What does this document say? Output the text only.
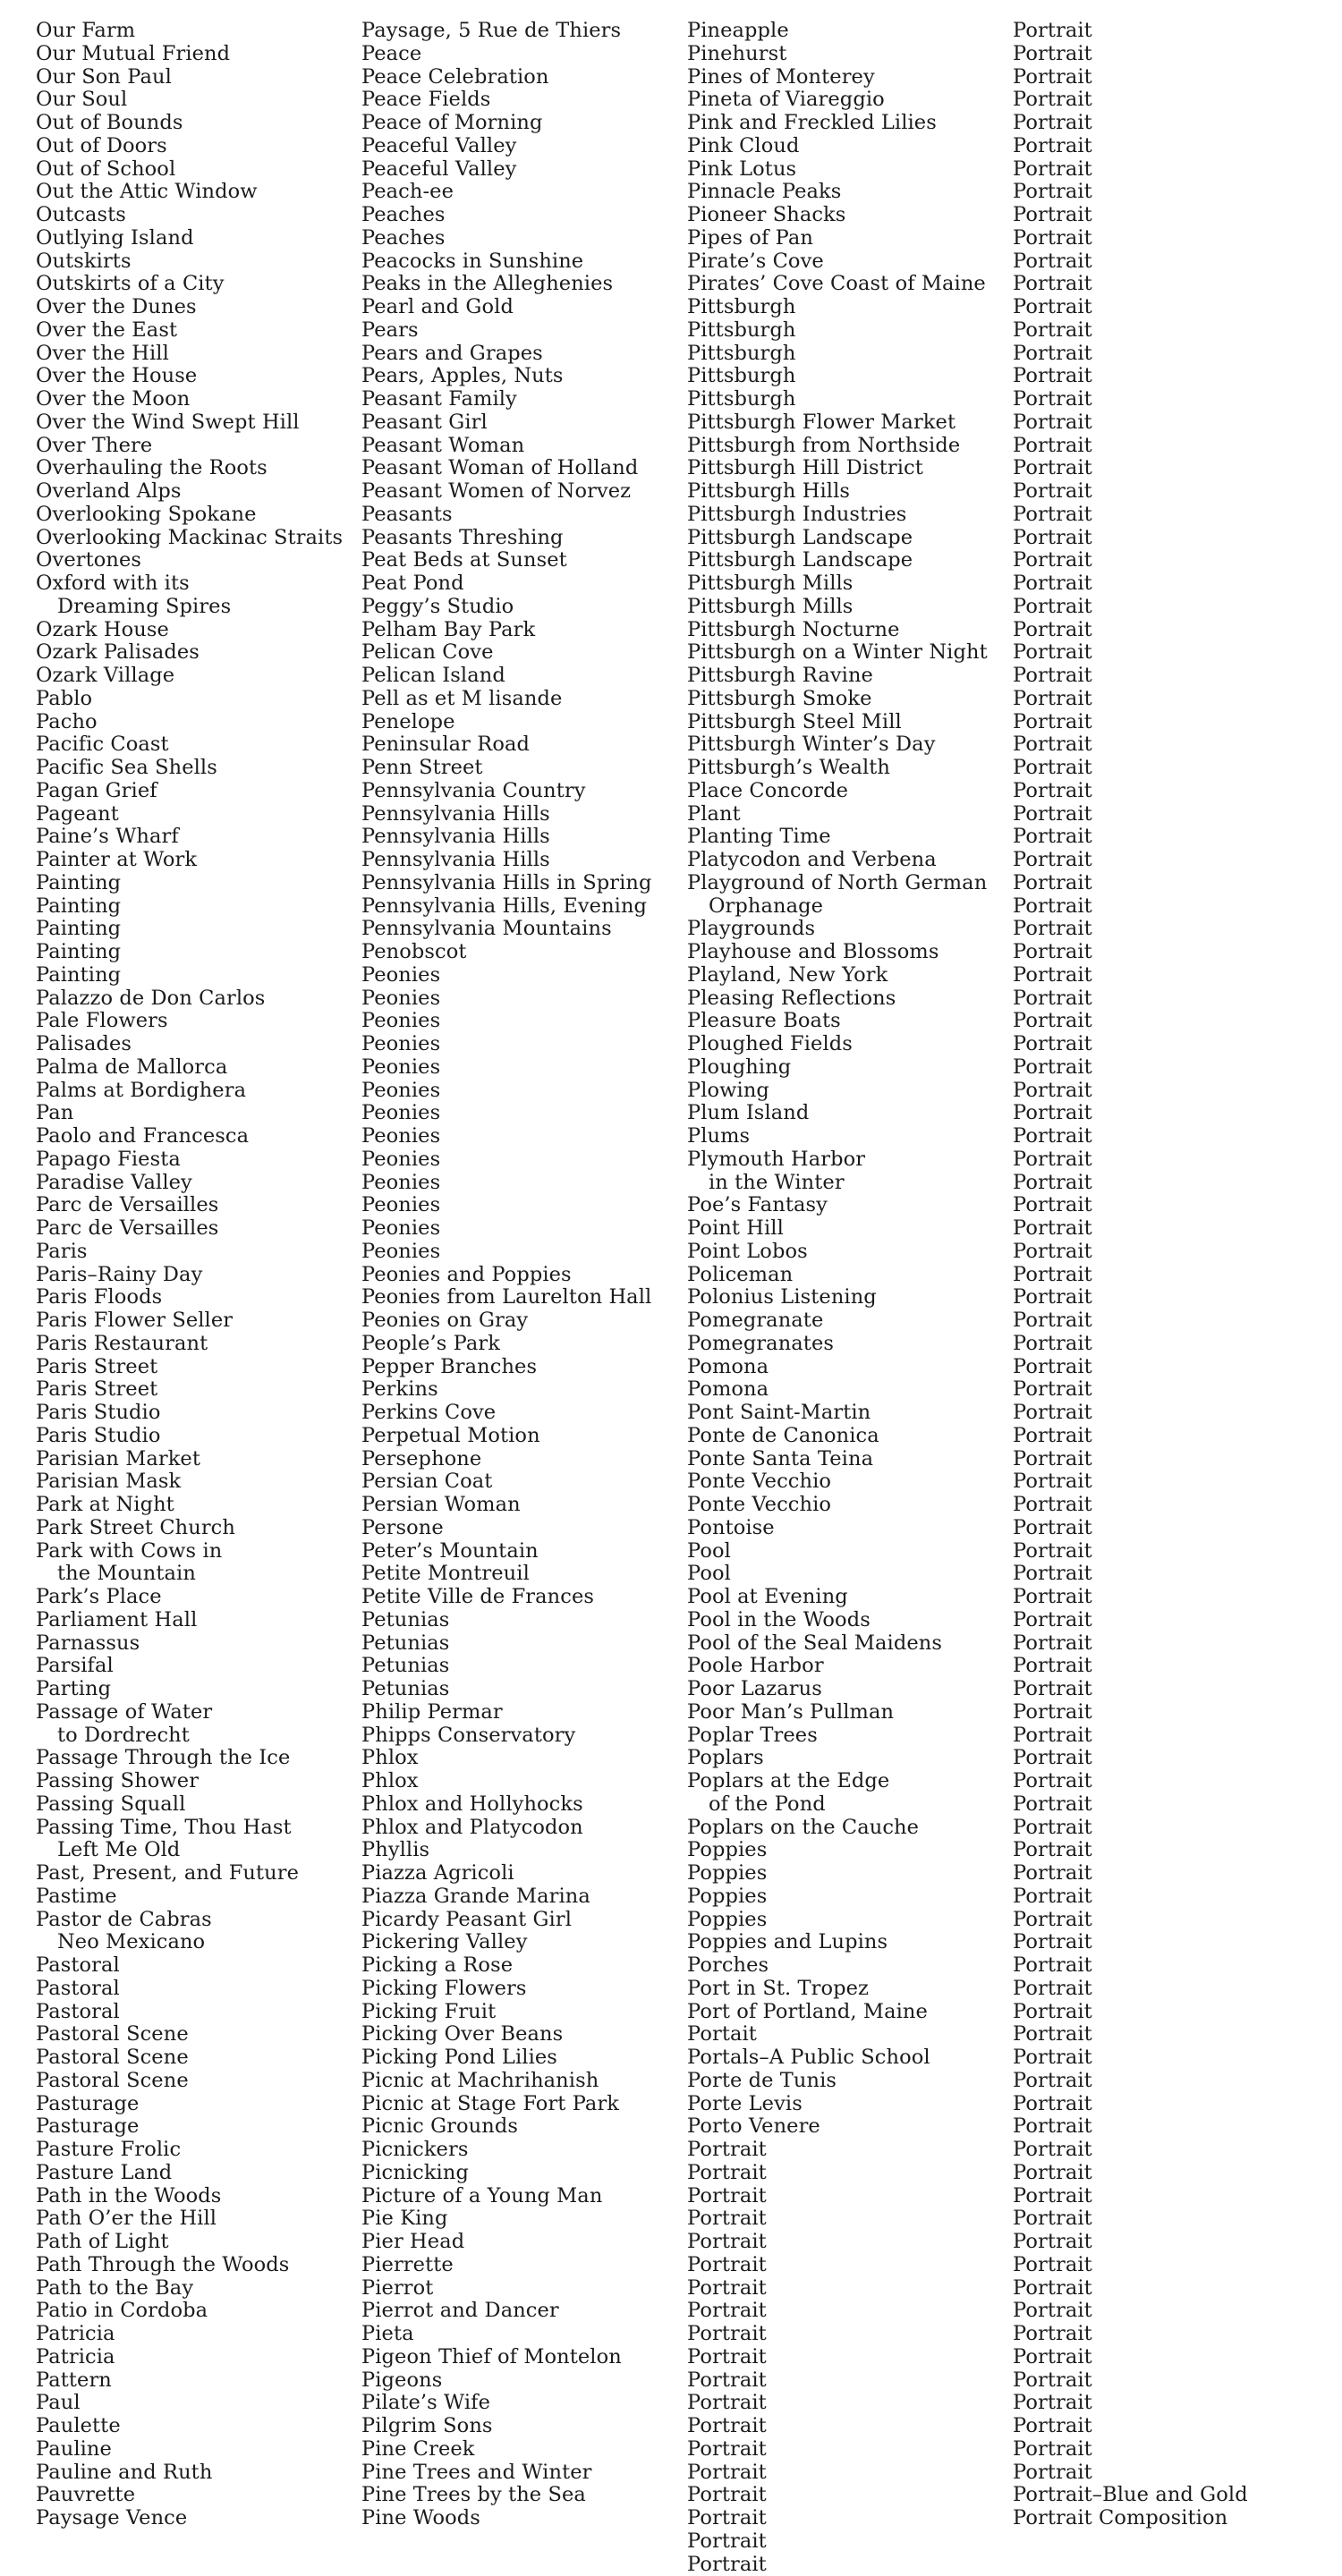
Our Farm
Our Mutual Friend
Our Son Paul
Our Soul
Out of Bounds
Out of Doors
Out of School
Out the Attic Window
Outcasts
Outlying Island
Outskirts
Outskirts of a City
Over the Dunes
Over the East
Over the Hill
Over the House
Over the Moon
Over the Wind Swept Hill
Over There
Overhauling the Roots
Overland Alps
Overlooking Spokane
Overlooking Mackinac Straits
Overtones
Oxford with its
Dreaming Spires
Ozark House
Ozark Palisades
Ozark Village
Pablo
Pacho
Pacific Coast
Pacific Sea Shells
Pagan Grief
Pageant
Paine’s Wharf
Painter at Work
Painting
Painting
Painting
Painting
Painting
Palazzo de Don Carlos
Pale Flowers
Palisades
Palma de Mallorca
Palms at Bordighera
Pan
Paolo and Francesca
Papago Fiesta
Paradise Valley
Parc de Versailles
Parc de Versailles
Paris
Paris–Rainy Day
Paris Floods
Paris Flower Seller
Paris Restaurant
Paris Street
Paris Street
Paris Studio
Paris Studio
Parisian Market
Parisian Mask
Park at Night
Park Street Church
Park with Cows in
the Mountain
Park’s Place
Parliament Hall
Parnassus
Parsifal
Parting
Passage of Water
to Dordrecht
Passage Through the Ice
Passing Shower
Passing Squall
Passing Time, Thou Hast
Left Me Old
Past, Present, and Future
Pastime
Pastor de Cabras
Neo Mexicano
Pastoral
Pastoral
Pastoral
Pastoral Scene
Pastoral Scene
Pastoral Scene
Pasturage
Pasturage
Pasture Frolic
Pasture Land
Path in the Woods
Path O’er the Hill
Path of Light
Path Through the Woods
Path to the Bay
Patio in Cordoba
Patricia
Patricia
Pattern
Paul
Paulette
Pauline
Pauline and Ruth
Pauvrette
Paysage Vence
Paysage, 5 Rue de Thiers
Peace
Peace Celebration
Peace Fields
Peace of Morning
Peaceful Valley
Peaceful Valley
Peach-ee
Peaches
Peaches
Peacocks in Sunshine
Peaks in the Alleghenies
Pearl and Gold
Pears
Pears and Grapes
Pears, Apples, Nuts
Peasant Family
Peasant Girl
Peasant Woman
Peasant Woman of Holland
Peasant Women of Norvez
Peasants
Peasants Threshing
Peat Beds at Sunset
Peat Pond
Peggy’s Studio
Pelham Bay Park
Pelican Cove
Pelican Island
Pell as et M lisande
Penelope
Peninsular Road
Penn Street
Pennsylvania Country
Pennsylvania Hills
Pennsylvania Hills
Pennsylvania Hills
Pennsylvania Hills in Spring
Pennsylvania Hills, Evening
Pennsylvania Mountains
Penobscot
Peonies
Peonies
Peonies
Peonies
Peonies
Peonies
Peonies
Peonies
Peonies
Peonies
Peonies
Peonies
Peonies
Peonies and Poppies
Peonies from Laurelton Hall
Peonies on Gray
People’s Park
Pepper Branches
Perkins
Perkins Cove
Perpetual Motion
Persephone
Persian Coat
Persian Woman
Persone
Peter’s Mountain
Petite Montreuil
Petite Ville de Frances
Petunias
Petunias
Petunias
Petunias
Philip Permar
Phipps Conservatory
Phlox
Phlox
Phlox and Hollyhocks
Phlox and Platycodon
Phyllis
Piazza Agricoli
Piazza Grande Marina
Picardy Peasant Girl
Pickering Valley
Picking a Rose
Picking Flowers
Picking Fruit
Picking Over Beans
Picking Pond Lilies
Picnic at Machrihanish
Picnic at Stage Fort Park
Picnic Grounds
Picnickers
Picnicking
Picture of a Young Man
Pie King
Pier Head
Pierrette
Pierrot
Pierrot and Dancer
Pieta
Pigeon Thief of Montelon
Pigeons
Pilate’s Wife
Pilgrim Sons
Pine Creek
Pine Trees and Winter
Pine Trees by the Sea
Pine Woods
Pineapple
Pinehurst
Pines of Monterey
Pineta of Viareggio
Pink and Freckled Lilies
Pink Cloud
Pink Lotus
Pinnacle Peaks
Pioneer Shacks
Pipes of Pan
Pirate’s Cove
Pirates’ Cove Coast of Maine
Pittsburgh
Pittsburgh
Pittsburgh
Pittsburgh
Pittsburgh
Pittsburgh Flower Market
Pittsburgh from Northside
Pittsburgh Hill District
Pittsburgh Hills
Pittsburgh Industries
Pittsburgh Landscape
Pittsburgh Landscape
Pittsburgh Mills
Pittsburgh Mills
Pittsburgh Nocturne
Pittsburgh on a Winter Night
Pittsburgh Ravine
Pittsburgh Smoke
Pittsburgh Steel Mill
Pittsburgh Winter’s Day
Pittsburgh’s Wealth
Place Concorde
Plant
Planting Time
Platycodon and Verbena
Playground of North German
Orphanage
Playgrounds
Playhouse and Blossoms
Playland, New York
Pleasing Reflections
Pleasure Boats
Ploughed Fields
Ploughing
Plowing
Plum Island
Plums
Plymouth Harbor
in the Winter
Poe’s Fantasy
Point Hill
Point Lobos
Policeman
Polonius Listening
Pomegranate
Pomegranates
Pomona
Pomona
Pont Saint-Martin
Ponte de Canonica
Ponte Santa Teina
Ponte Vecchio
Ponte Vecchio
Pontoise
Pool
Pool
Pool at Evening
Pool in the Woods
Pool of the Seal Maidens
Poole Harbor
Poor Lazarus
Poor Man’s Pullman
Poplar Trees
Poplars
Poplars at the Edge
of the Pond
Poplars on the Cauche
Poppies
Poppies
Poppies
Poppies
Poppies and Lupins
Porches
Port in St. Tropez
Port of Portland, Maine
Portait
Portals–A Public School
Porte de Tunis
Porte Levis
Porto Venere
Portrait
Portrait
Portrait
Portrait
Portrait
Portrait
Portrait
Portrait
Portrait
Portrait
Portrait
Portrait
Portrait
Portrait
Portrait
Portrait
Portrait
Portrait
Portrait
Portrait
Portrait
Portrait
Portrait
Portrait
Portrait
Portrait
Portrait
Portrait
Portrait
Portrait
Portrait
Portrait
Portrait
Portrait
Portrait
Portrait
Portrait
Portrait
Portrait
Portrait
Portrait
Portrait
Portrait
Portrait
Portrait
Portrait
Portrait
Portrait
Portrait
Portrait
Portrait
Portrait
Portrait
Portrait
Portrait
Portrait
Portrait
Portrait
Portrait
Portrait
Portrait
Portrait
Portrait
Portrait
Portrait
Portrait
Portrait
Portrait
Portrait
Portrait
Portrait
Portrait
Portrait
Portrait
Portrait
Portrait
Portrait
Portrait
Portrait
Portrait
Portrait
Portrait
Portrait
Portrait
Portrait
Portrait
Portrait
Portrait
Portrait
Portrait
Portrait
Portrait
Portrait
Portrait
Portrait
Portrait
Portrait
Portrait
Portrait
Portrait
Portrait
Portrait
Portrait
Portrait
Portrait
Portrait
Portrait
Portrait
Portrait
Portrait
Portrait
Portrait
Portrait
Portrait
Portrait
Portrait
Portrait
Portrait
Portrait
Portrait
Portrait
Portrait
Portrait
Portrait
Portrait
Portrait
Portrait–Blue and Gold
Portrait Composition
